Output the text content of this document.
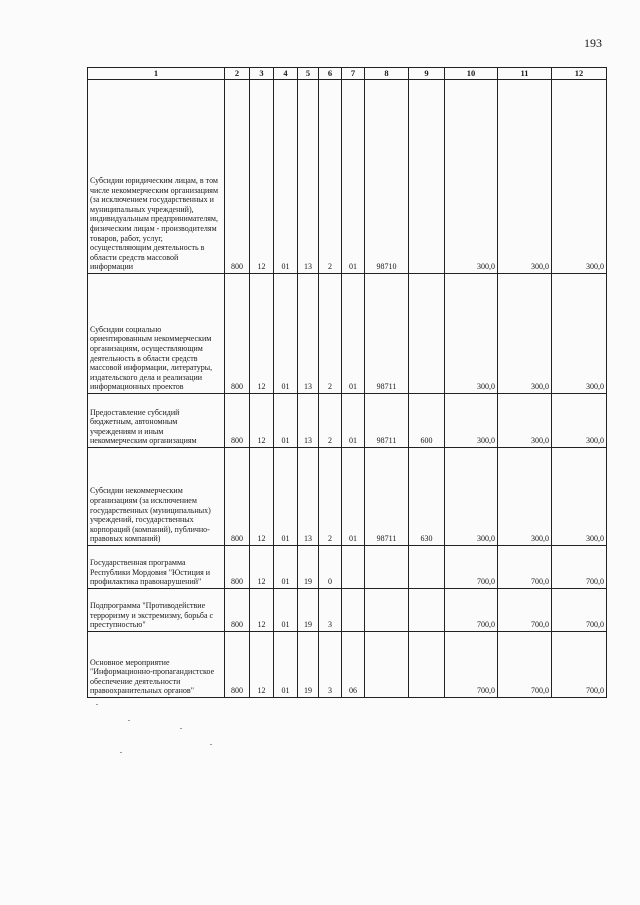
193
1	2	3	4	5	6	7	8	9	10	11	12
Субсидии юридическим лицам, в том числе некоммерческим организациям (за исключением государственных и муниципальных учреждений), индивидуальным предпринимателям, физическим лицам - производителям товаров, работ, услуг, осуществляющим деятельность в области средств массовой информации	800	12	01	13	2	01	98710		300,0	300,0	300,0
Субсидии социально ориентированным некоммерческим организациям, осуществляющим деятельность в области средств массовой информации, литературы, издательского дела и реализации информационных проектов	800	12	01	13	2	01	98711		300,0	300,0	300,0
Предоставление субсидий бюджетным, автономным учреждениям и иным некоммерческим организациям	800	12	01	13	2	01	98711	600	300,0	300,0	300,0
Субсидии некоммерческим организациям (за исключением государственных (муниципальных) учреждений, государственных корпораций (компаний), публично-правовых компаний)	800	12	01	13	2	01	98711	630	300,0	300,0	300,0
Государственная программа Республики Мордовия "Юстиция и профилактика правонарушений"	800	12	01	19	0				700,0	700,0	700,0
Подпрограмма "Противодействие терроризму и экстремизму, борьба с преступностью"	800	12	01	19	3				700,0	700,0	700,0
Основное мероприятие "Информационно-пропагандистское обеспечение деятельности правоохранительных органов"	800	12	01	19	3	06			700,0	700,0	700,0
